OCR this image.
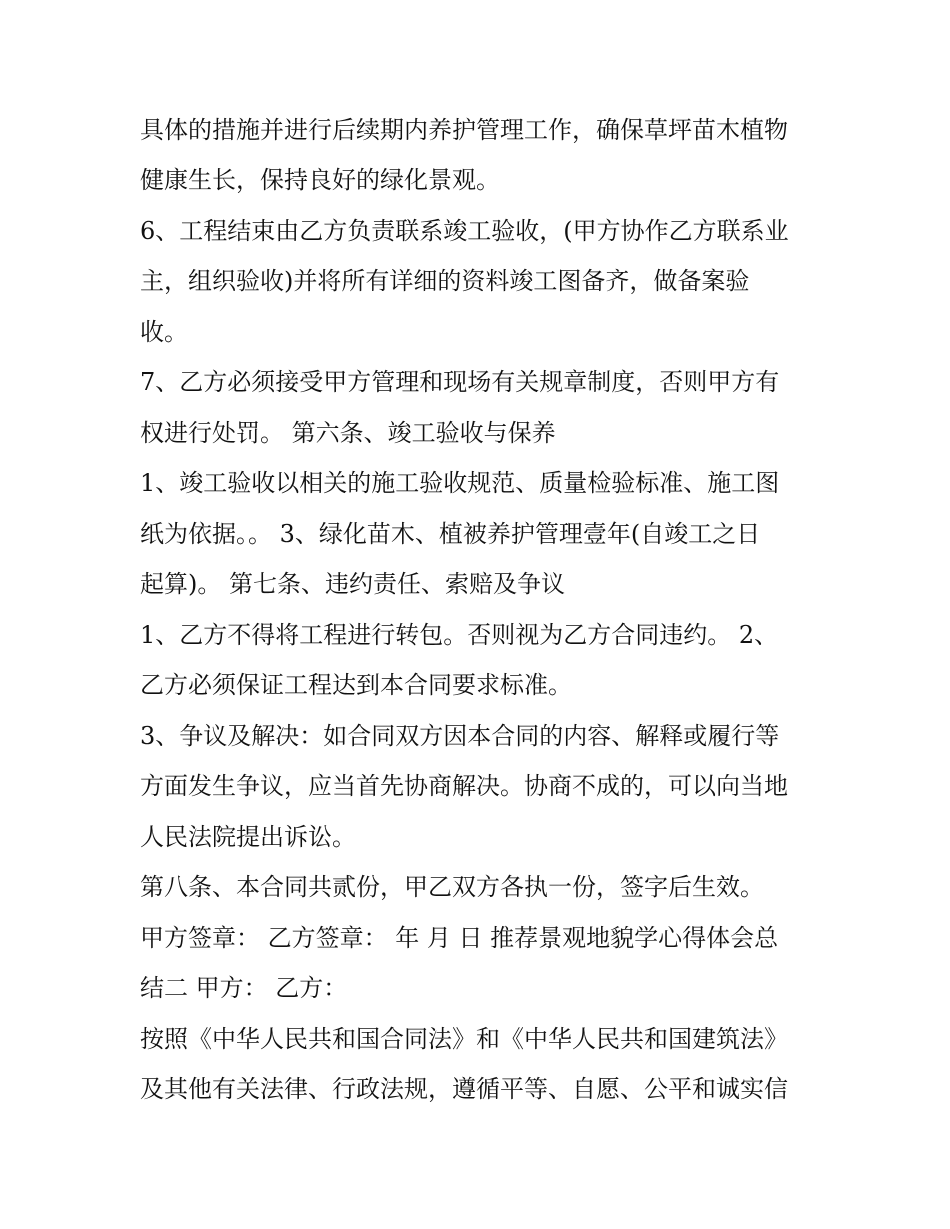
具体的措施并进行后续期内养护管理工作，确保草坪苗木植物
健康生长，保持良好的绿化景观。
6、工程结束由乙方负责联系竣工验收，(甲方协作乙方联系业
主，组织验收)并将所有详细的资料竣工图备齐，做备案验
收。
7、乙方必须接受甲方管理和现场有关规章制度，否则甲方有
权进行处罚。 第六条、竣工验收与保养
1、竣工验收以相关的施工验收规范、质量检验标准、施工图
纸为依据。。 3、绿化苗木、植被养护管理壹年(自竣工之日
起算)。 第七条、违约责任、索赔及争议
1、乙方不得将工程进行转包。否则视为乙方合同违约。 2、
乙方必须保证工程达到本合同要求标准。
3、争议及解决：如合同双方因本合同的内容、解释或履行等
方面发生争议，应当首先协商解决。协商不成的，可以向当地
人民法院提出诉讼。
第八条、本合同共贰份，甲乙双方各执一份，签字后生效。
甲方签章： 乙方签章： 年 月 日 推荐景观地貌学心得体会总
结二 甲方： 乙方：
按照《中华人民共和国合同法》和《中华人民共和国建筑法》
及其他有关法律、行政法规，遵循平等、自愿、公平和诚实信
